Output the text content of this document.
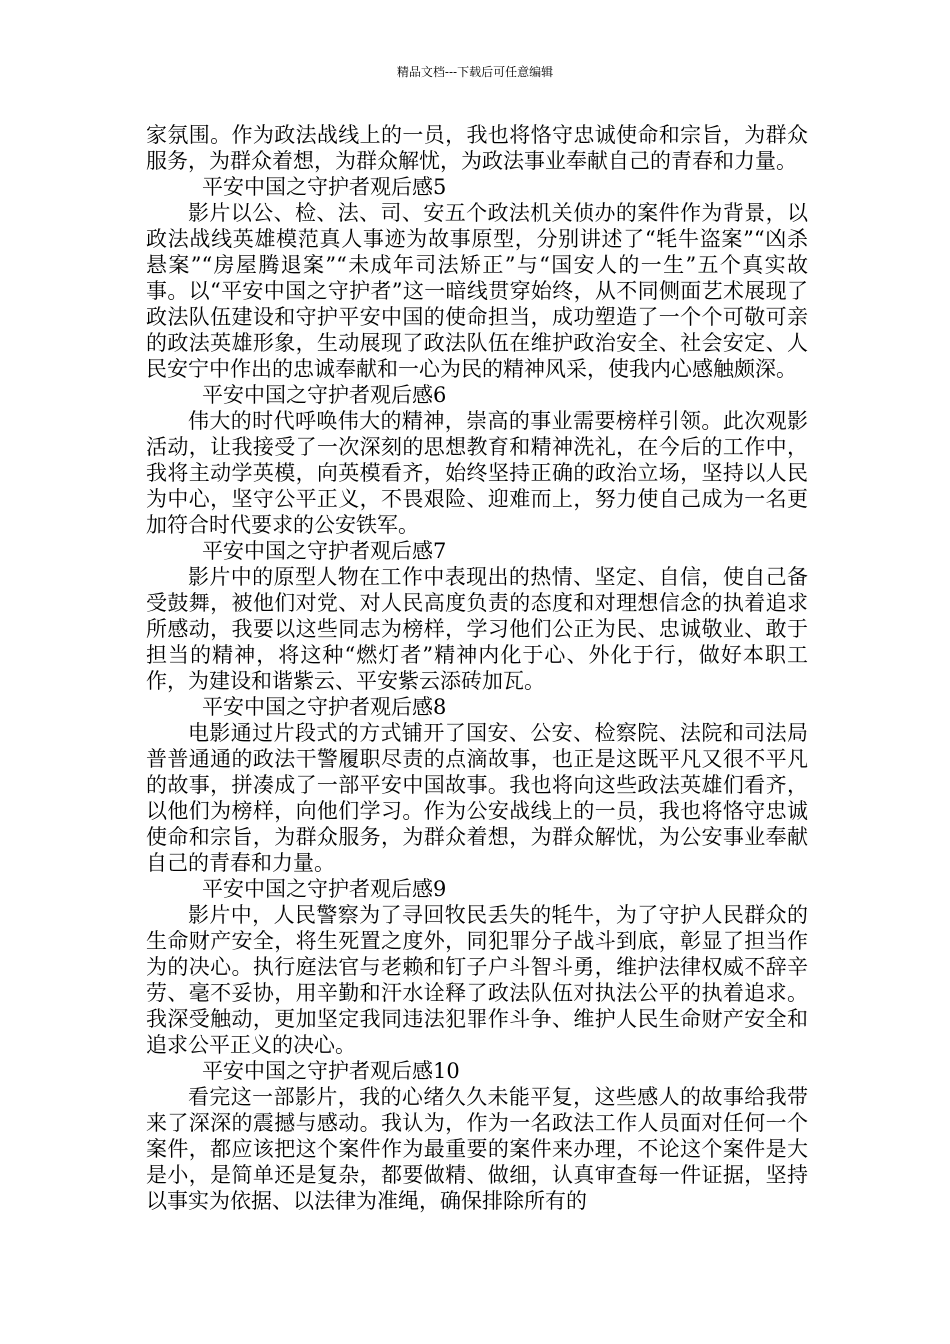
精品文档---下载后可任意编辑

家氛围。作为政法战线上的一员，我也将恪守忠诚使命和宗旨，为群众服务，为群众着想，为群众解忧，为政法事业奉献自己的青春和力量。

平安中国之守护者观后感5

影片以公、检、法、司、安五个政法机关侦办的案件作为背景，以政法战线英雄模范真人事迹为故事原型，分别讲述了“牦牛盗案”“凶杀悬案”“房屋腾退案”“未成年司法矫正”与“国安人的一生”五个真实故事。以“平安中国之守护者”这一暗线贯穿始终，从不同侧面艺术展现了政法队伍建设和守护平安中国的使命担当，成功塑造了一个个可敬可亲的政法英雄形象，生动展现了政法队伍在维护政治安全、社会安定、人民安宁中作出的忠诚奉献和一心为民的精神风采，使我内心感触颇深。

平安中国之守护者观后感6

伟大的时代呼唤伟大的精神，崇高的事业需要榜样引领。此次观影活动，让我接受了一次深刻的思想教育和精神洗礼，在今后的工作中，我将主动学英模，向英模看齐，始终坚持正确的政治立场，坚持以人民为中心，坚守公平正义，不畏艰险、迎难而上，努力使自己成为一名更加符合时代要求的公安铁军。

平安中国之守护者观后感7

影片中的原型人物在工作中表现出的热情、坚定、自信，使自己备受鼓舞，被他们对党、对人民高度负责的态度和对理想信念的执着追求所感动，我要以这些同志为榜样，学习他们公正为民、忠诚敬业、敢于担当的精神，将这种“燃灯者”精神内化于心、外化于行，做好本职工作，为建设和谐紫云、平安紫云添砖加瓦。

平安中国之守护者观后感8

电影通过片段式的方式铺开了国安、公安、检察院、法院和司法局普普通通的政法干警履职尽责的点滴故事，也正是这既平凡又很不平凡的故事，拼凑成了一部平安中国故事。我也将向这些政法英雄们看齐，以他们为榜样，向他们学习。作为公安战线上的一员，我也将恪守忠诚使命和宗旨，为群众服务，为群众着想，为群众解忧，为公安事业奉献自己的青春和力量。

平安中国之守护者观后感9

影片中，人民警察为了寻回牧民丢失的牦牛，为了守护人民群众的生命财产安全，将生死置之度外，同犯罪分子战斗到底，彰显了担当作为的决心。执行庭法官与老赖和钉子户斗智斗勇，维护法律权威不辞辛劳、毫不妥协，用辛勤和汗水诠释了政法队伍对执法公平的执着追求。我深受触动，更加坚定我同违法犯罪作斗争、维护人民生命财产安全和追求公平正义的决心。

平安中国之守护者观后感10

看完这一部影片，我的心绪久久未能平复，这些感人的故事给我带来了深深的震撼与感动。我认为，作为一名政法工作人员面对任何一个案件，都应该把这个案件作为最重要的案件来办理，不论这个案件是大是小，是简单还是复杂，都要做精、做细，认真审查每一件证据，坚持以事实为依据、以法律为准绳，确保排除所有的
